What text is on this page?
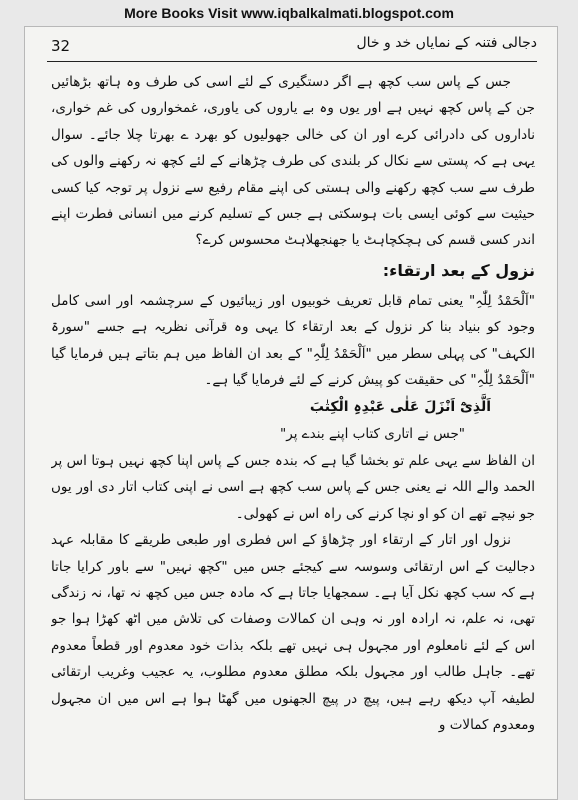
More Books Visit www.iqbalkalmati.blogspot.com
32	دجالی فتنہ کے نمایاں خد و خال

جس کے پاس سب کچھ ہے اگر دستگیری کے لئے اسی کی طرف وہ ہاتھ بڑھائیں جن کے پاس کچھ نہیں ہے اور یوں وہ بے یاروں کی یاوری، غمخواروں کی غم خواری، ناداروں کی دادرائی کرے اور ان کی خالی جھولیوں کو بھرد ے بھرتا چلا جائے۔ سوال یہی ہے کہ پستی سے نکال کر بلندی کی طرف چڑھانے کے لئے کچھ نہ رکھنے والوں کی طرف سے سب کچھ رکھنے والی ہستی کی اپنے مقام رفیع سے نزول پر توجہ کیا کسی حیثیت سے کوئی ایسی بات ہوسکتی ہے جس کے تسلیم کرنے میں انسانی فطرت اپنے اندر کسی قسم کی ہچکچاہٹ یا جھنجھلاہٹ محسوس کرے؟

نزول کے بعد ارتقاء:

"اَلْحَمْدُ لِلّٰہِ" یعنی تمام قابل تعریف خوبیوں اور زیبائیوں کے سرچشمہ اور اسی کامل وجود کو بنیاد بنا کر نزول کے بعد ارتقاء کا یہی وہ قرآنی نظریہ ہے جسے "سورۃ الکہف" کی پہلی سطر میں "اَلْحَمْدُ لِلّٰہِ" کے بعد ان الفاظ میں ہم بتاتے ہیں فرمایا گیا "اَلْحَمْدُ لِلّٰہِ" کی حقیقت کو پیش کرنے کے لئے فرمایا گیا ہے۔

اَلَّذِیْٓ اَنْزَلَ عَلٰی عَبْدِہِ الْکِتٰبَ

"جس نے اتاری کتاب اپنے بندے پر"

ان الفاظ سے یہی علم تو بخشا گیا ہے کہ بندہ جس کے پاس اپنا کچھ نہیں ہوتا اس پر الحمد والے اللہ نے یعنی جس کے پاس سب کچھ ہے اسی نے اپنی کتاب اتار دی اور یوں جو نیچے تھے ان کو او نچا کرنے کی راہ اس نے کھولی۔

نزول اور اتار کے ارتقاء اور چڑھاؤ کے اس فطری اور طبعی طریقے کا مقابلہ عہد دجالیت کے اس ارتقائی وسوسہ سے کیجئے جس میں "کچھ نہیں" سے باور کرایا جاتا ہے کہ سب کچھ نکل آیا ہے۔ سمجھایا جاتا ہے کہ مادہ جس میں کچھ نہ تھا، نہ زندگی تھی، نہ علم، نہ ارادہ اور نہ وہی ان کمالات وصفات کی تلاش میں اٹھ کھڑا ہوا جو اس کے لئے نامعلوم اور مجہول ہی نہیں تھے بلکہ بذات خود معدوم اور قطعاً معدوم تھے۔ جاہل طالب اور مجہول بلکہ مطلق معدوم مطلوب، یہ عجیب وغریب ارتقائی لطیفہ آپ دیکھ رہے ہیں، پیچ در پیچ الجھنوں میں گھٹا ہوا ہے اس میں ان مجہول ومعدوم کمالات و
